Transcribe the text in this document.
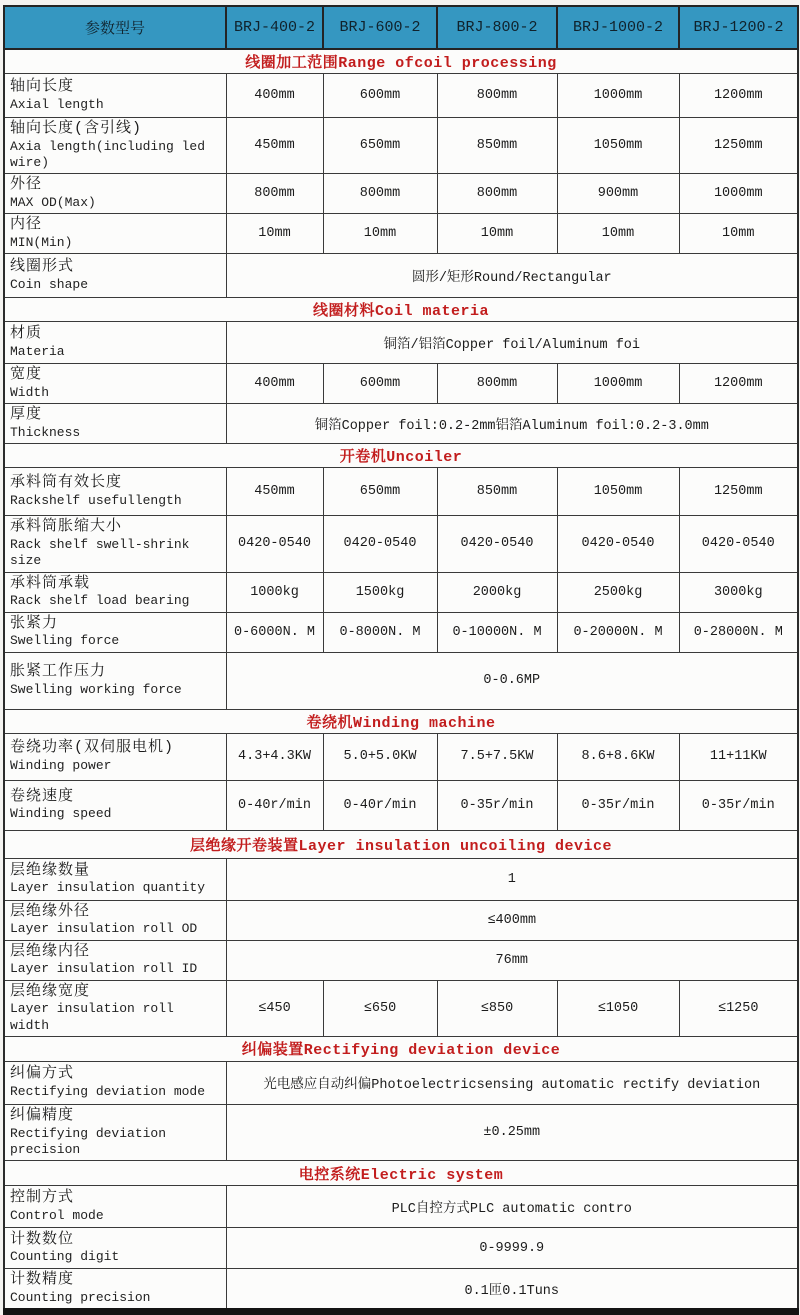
参数型号	BRJ-400-2	BRJ-600-2	BRJ-800-2	BRJ-1000-2	BRJ-1200-2
线圈加工范围Range ofcoil processing					

轴向长度
Axial length	400mm	600mm	800mm	1000mm	1200mm

轴向长度(含引线)
Axia length(including led wire)	450mm	650mm	850mm	1050mm	1250mm

外径
MAX OD(Max)	800mm	800mm	800mm	900mm	1000mm

内径
MIN(Min)	10mm	10mm	10mm	10mm	10mm

线圈形式
Coin shape	圆形/矩形Round/Rectangular				
线圈材料Coil materia					

材质
Materia	铜箔/铝箔Copper foil/Aluminum foi				

宽度
Width	400mm	600mm	800mm	1000mm	1200mm

厚度
Thickness	铜箔Copper foil:0.2-2mm铝箔Aluminum foil:0.2-3.0mm				
开卷机Uncoiler					

承料筒有效长度
Rackshelf usefullength	450mm	650mm	850mm	1050mm	1250mm

承料筒胀缩大小
Rack shelf swell-shrink size	0420-0540	0420-0540	0420-0540	0420-0540	0420-0540

承料筒承载
Rack shelf load bearing	1000kg	1500kg	2000kg	2500kg	3000kg

张紧力
Swelling force	0-6000N. M	0-8000N. M	0-10000N. M	0-20000N. M	0-28000N. M

胀紧工作压力
Swelling working force	0-0.6MP				
卷绕机Winding machine					

卷绕功率(双伺服电机)
Winding power	4.3+4.3KW	5.0+5.0KW	7.5+7.5KW	8.6+8.6KW	11+11KW

卷绕速度
Winding speed	0-40r/min	0-40r/min	0-35r/min	0-35r/min	0-35r/min
层绝缘开卷装置Layer insulation uncoiling device					

层绝缘数量
Layer insulation quantity	1				

层绝缘外径
Layer insulation roll OD	≤400mm				

层绝缘内径
Layer insulation roll ID	76mm				

层绝缘宽度
Layer insulation roll width	≤450	≤650	≤850	≤1050	≤1250
纠偏装置Rectifying deviation device					

纠偏方式
Rectifying deviation mode	光电感应自动纠偏Photoelectricsensing automatic rectify deviation				

纠偏精度
Rectifying deviation precision	±0.25mm				
电控系统Electric system					

控制方式
Control mode	PLC自控方式PLC automatic contro				

计数数位
Counting digit	0-9999.9				

计数精度
Counting precision	0.1匝0.1Tuns				
